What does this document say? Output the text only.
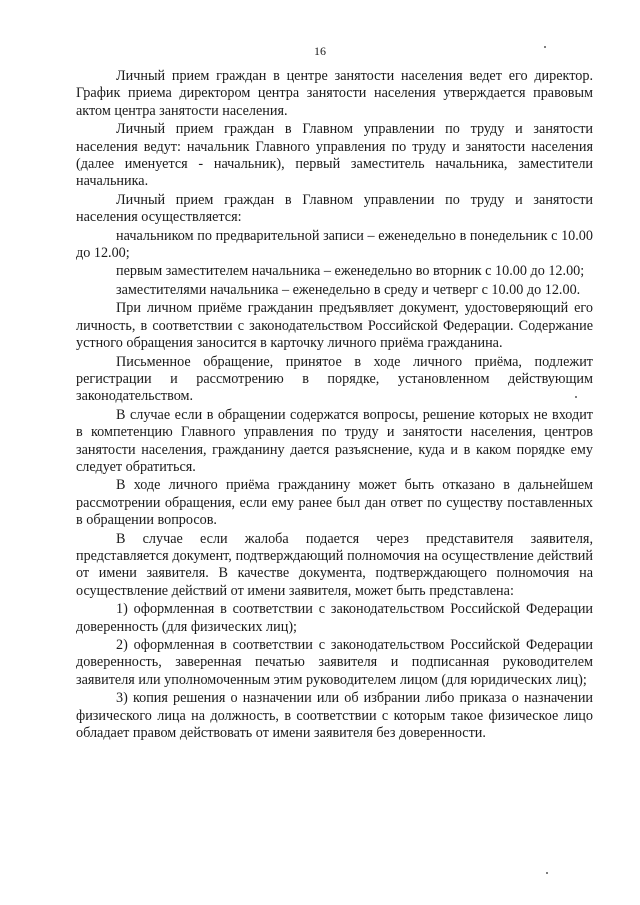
16

Личный прием граждан в центре занятости населения ведет его директор. График приема директором центра занятости населения утверждается правовым актом центра занятости населения.

Личный прием граждан в Главном управлении по труду и занятости населения ведут: начальник Главного управления по труду и занятости населения (далее именуется - начальник), первый заместитель начальника, заместители начальника.

Личный прием граждан в Главном управлении по труду и занятости населения осуществляется:

начальником по предварительной записи – еженедельно в понедельник с 10.00 до 12.00;

первым заместителем начальника – еженедельно во вторник с 10.00 до 12.00;

заместителями начальника – еженедельно в среду и четверг с 10.00 до 12.00.

При личном приёме гражданин предъявляет документ, удостоверяющий его личность, в соответствии с законодательством Российской Федерации. Содержание устного обращения заносится в карточку личного приёма гражданина.

Письменное обращение, принятое в ходе личного приёма, подлежит регистрации и рассмотрению в порядке, установленном действующим законодательством.

В случае если в обращении содержатся вопросы, решение которых не входит в компетенцию Главного управления по труду и занятости населения, центров занятости населения, гражданину дается разъяснение, куда и в каком порядке ему следует обратиться.

В ходе личного приёма гражданину может быть отказано в дальнейшем рассмотрении обращения, если ему ранее был дан ответ по существу поставленных в обращении вопросов.

В случае если жалоба подается через представителя заявителя, представляется документ, подтверждающий полномочия на осуществление действий от имени заявителя. В качестве документа, подтверждающего полномочия на осуществление действий от имени заявителя, может быть представлена:

1) оформленная в соответствии с законодательством Российской Федерации доверенность (для физических лиц);

2) оформленная в соответствии с законодательством Российской Федерации доверенность, заверенная печатью заявителя и подписанная руководителем заявителя или уполномоченным этим руководителем лицом (для юридических лиц);

3) копия решения о назначении или об избрании либо приказа о назначении физического лица на должность, в соответствии с которым такое физическое лицо обладает правом действовать от имени заявителя без доверенности.
